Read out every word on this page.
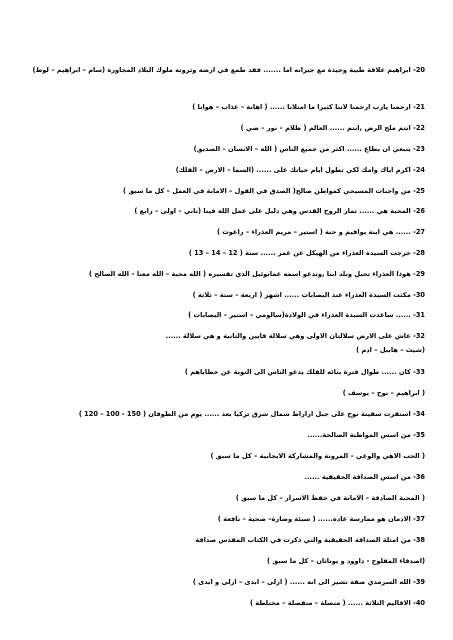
20- ابراهيم علاقة طيبة وجيدة مع جيرانه اما ....... فقد طمع في ارضه وثروته ملوك البلاد المجاورة (سام – ابراهيم – لوط)
21- ارحمنا يارب ارحمنا لاننا كثيرا ما امتلانا ...... ( اهانة – عذاب – هوانا )
22- انتم ملح الرض ,انتم ...... العالم ( ظلام – نور – ضي )
23- ينبغي ان يطاع ...... اكثر من جميع الناس ( الله – الانسان – الصديق)
24- اكرم اباك وامك لكي تطول ايام حياتك على ...... (السما – الارض – الفلك)
25- من واجبات المسيحي كمواطن صالح( الصدق في القول – الامانة في العمل – كل ما سبق )
26- المحبة هي ...... ثمار الروح القدس وهي دليل على عمل الله فينا (تاني – اولى – رابع )
27- ...... هي ابنة يواقيم و حنة ( استير – مريم العذراء – راعوث )
28- خرجت السيدة العذراء من الهيكل عن عمر ...... سنة ( 12 – 14 – 13 )
29- هوذا العذراء تحبل وتلد ابنا ,وتدعو اسمه عمانوئيل الذي تفسيره ( الله محبة – الله معنا – الله الصالح )
30- مكثت السيدة العذراء عند اليصابات ...... اشهر ( اربعة – ستة – ثلاثة )
31- ...... ساعدت السيدة العذراء في الولادة(سالومي – استير – اليصابات )
32- عاش على الارض سلالتان الاولى وهي سلالة قايين والثانية و هي سلالة ......
(شيث – هابيل – ادم )
33- كان ...... طوال فترة بنائه للفلك يدعو الناس الى التوبة عن خطاياهم )
( ابراهيم – نوح – يوسف )
34- استقرت سفينة نوح على جبل اراراط شمال شرق تركيا بعد ...... يوم من الطوفان ( 150 - 100 – 120 )
35- من اسس المواطنة الصالحة......
( الحب الاهي والوعي – المرونة والمشاركة الايجابية – كل ما سبق )
36- من اسس الصداقة الحقيقية ......
( المحبة الصادقة – الامانة في حفظ الاسرار – كل ما سبق )
37- الادمان هو ممارسة عادة...... ( سيئة وضارة– صحية – نافعة )
38- من امثلة الصداقة الحقيقية والتي ذكرت في الكتاب المقدس صداقة
(اصدقاء المفلوج - داوود و يوناثان – كل ما سبق )
39- الله السرمدي صفة تشير الى انه ...... ( ازلى – ابدى – ازلى و ابدى )
40- الاقاليم الثلاثة ...... ( متصلة – منفصلة – مختلطة )
